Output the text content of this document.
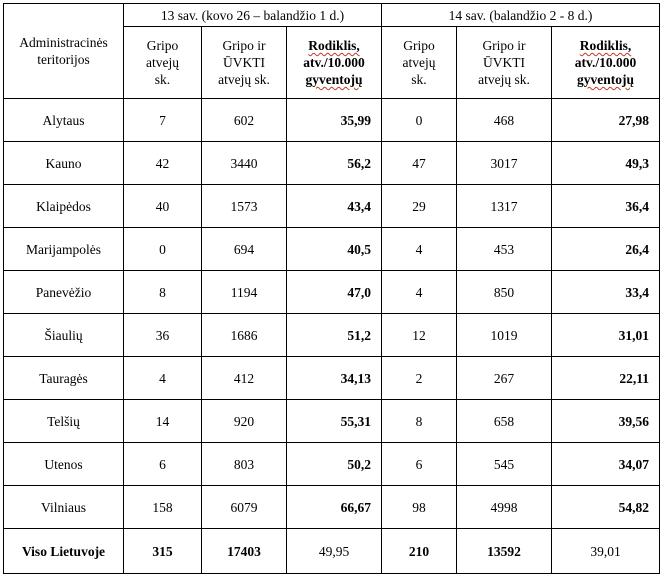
Administracinės teritorijos	13 sav. (kovo 26 – balandžio 1 d.)			14 sav. (balandžio 2 - 8 d.)		
	Gripo
atvejų
sk.	Gripo ir
ŪVKTI
atvejų sk.	Rodiklis,
atv./10.000
gyventojų	Gripo
atvejų
sk.	Gripo ir
ŪVKTI
atvejų sk.	Rodiklis,
atv./10.000
gyventojų
Alytaus	7	602	35,99	0	468	27,98
Kauno	42	3440	56,2	47	3017	49,3
Klaipėdos	40	1573	43,4	29	1317	36,4
Marijampolės	0	694	40,5	4	453	26,4
Panevėžio	8	1194	47,0	4	850	33,4
Šiaulių	36	1686	51,2	12	1019	31,01
Tauragės	4	412	34,13	2	267	22,11
Telšių	14	920	55,31	8	658	39,56
Utenos	6	803	50,2	6	545	34,07
Vilniaus	158	6079	66,67	98	4998	54,82
Viso Lietuvoje	315	17403	49,95	210	13592	39,01
